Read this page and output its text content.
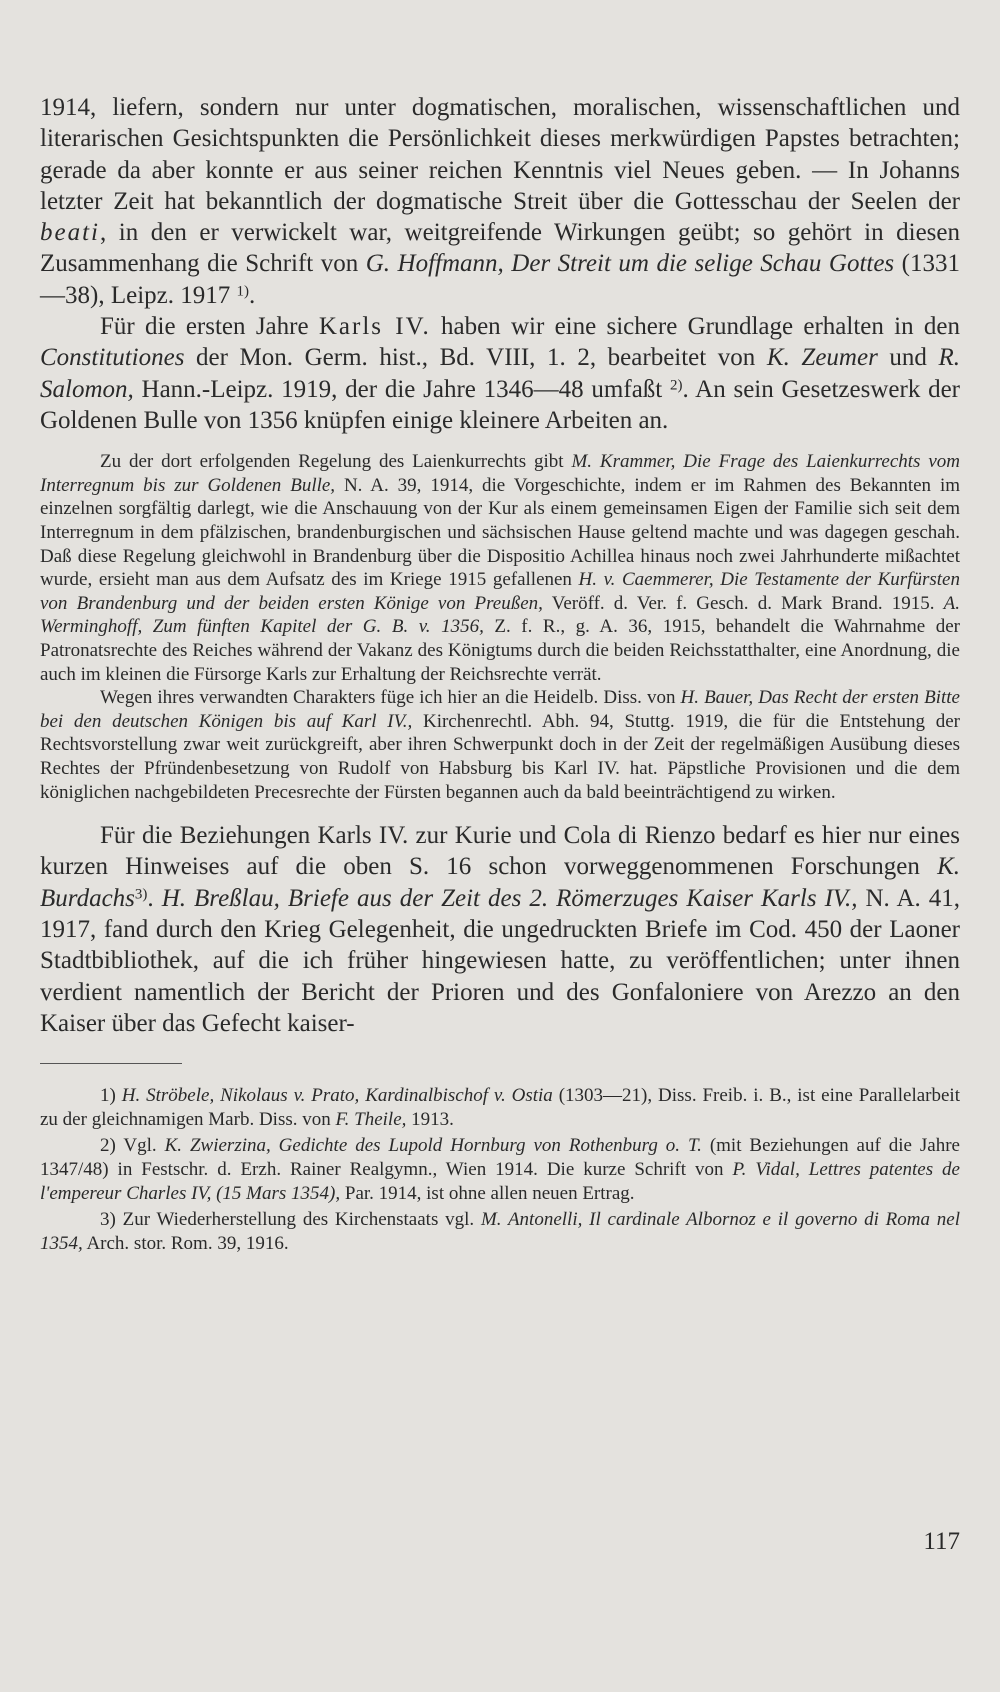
1914, liefern, sondern nur unter dogmatischen, moralischen, wissenschaftlichen und literarischen Gesichtspunkten die Persönlichkeit dieses merkwürdigen Papstes betrachten; gerade da aber konnte er aus seiner reichen Kenntnis viel Neues geben. — In Johanns letzter Zeit hat bekanntlich der dogmatische Streit über die Gottesschau der Seelen der beati, in den er verwickelt war, weitgreifende Wirkungen geübt; so gehört in diesen Zusammenhang die Schrift von G. Hoffmann, Der Streit um die selige Schau Gottes (1331—38), Leipz. 1917 $^{1)}$.

Für die ersten Jahre Karls IV. haben wir eine sichere Grundlage erhalten in den Constitutiones der Mon. Germ. hist., Bd. VIII, 1. 2, bearbeitet von K. Zeumer und R. Salomon, Hann.-Leipz. 1919, der die Jahre 1346—48 umfaßt $^{2)}$. An sein Gesetzeswerk der Goldenen Bulle von 1356 knüpfen einige kleinere Arbeiten an.

Zu der dort erfolgenden Regelung des Laienkurrechts gibt M. Krammer, Die Frage des Laienkurrechts vom Interregnum bis zur Goldenen Bulle, N. A. 39, 1914, die Vorgeschichte, indem er im Rahmen des Bekannten im einzelnen sorgfältig darlegt, wie die Anschauung von der Kur als einem gemeinsamen Eigen der Familie sich seit dem Interregnum in dem pfälzischen, brandenburgischen und sächsischen Hause geltend machte und was dagegen geschah. Daß diese Regelung gleichwohl in Brandenburg über die Dispositio Achillea hinaus noch zwei Jahrhunderte mißachtet wurde, ersieht man aus dem Aufsatz des im Kriege 1915 gefallenen H. v. Caemmerer, Die Testamente der Kurfürsten von Brandenburg und der beiden ersten Könige von Preußen, Veröff. d. Ver. f. Gesch. d. Mark Brand. 1915. A. Werminghoff, Zum fünften Kapitel der G. B. v. 1356, Z. f. R., g. A. 36, 1915, behandelt die Wahrnahme der Patronatsrechte des Reiches während der Vakanz des Königtums durch die beiden Reichsstatthalter, eine Anordnung, die auch im kleinen die Fürsorge Karls zur Erhaltung der Reichsrechte verrät.

Wegen ihres verwandten Charakters füge ich hier an die Heidelb. Diss. von H. Bauer, Das Recht der ersten Bitte bei den deutschen Königen bis auf Karl IV., Kirchenrechtl. Abh. 94, Stuttg. 1919, die für die Entstehung der Rechtsvorstellung zwar weit zurückgreift, aber ihren Schwerpunkt doch in der Zeit der regelmäßigen Ausübung dieses Rechtes der Pfründenbesetzung von Rudolf von Habsburg bis Karl IV. hat. Päpstliche Provisionen und die dem königlichen nachgebildeten Precesrechte der Fürsten begannen auch da bald beeinträchtigend zu wirken.

Für die Beziehungen Karls IV. zur Kurie und Cola di Rienzo bedarf es hier nur eines kurzen Hinweises auf die oben S. 16 schon vorweggenommenen Forschungen K. Burdachs$^{3)}$. H. Breßlau, Briefe aus der Zeit des 2. Römerzuges Kaiser Karls IV., N. A. 41, 1917, fand durch den Krieg Gelegenheit, die ungedruckten Briefe im Cod. 450 der Laoner Stadtbibliothek, auf die ich früher hingewiesen hatte, zu veröffentlichen; unter ihnen verdient namentlich der Bericht der Prioren und des Gonfaloniere von Arezzo an den Kaiser über das Gefecht kaiser-

1) H. Ströbele, Nikolaus v. Prato, Kardinalbischof v. Ostia (1303—21), Diss. Freib. i. B., ist eine Parallelarbeit zu der gleichnamigen Marb. Diss. von F. Theile, 1913.

2) Vgl. K. Zwierzina, Gedichte des Lupold Hornburg von Rothenburg o. T. (mit Beziehungen auf die Jahre 1347/48) in Festschr. d. Erzh. Rainer Realgymn., Wien 1914. Die kurze Schrift von P. Vidal, Lettres patentes de l'empereur Charles IV, (15 Mars 1354), Par. 1914, ist ohne allen neuen Ertrag.

3) Zur Wiederherstellung des Kirchenstaats vgl. M. Antonelli, Il cardinale Albornoz e il governo di Roma nel 1354, Arch. stor. Rom. 39, 1916.

117
